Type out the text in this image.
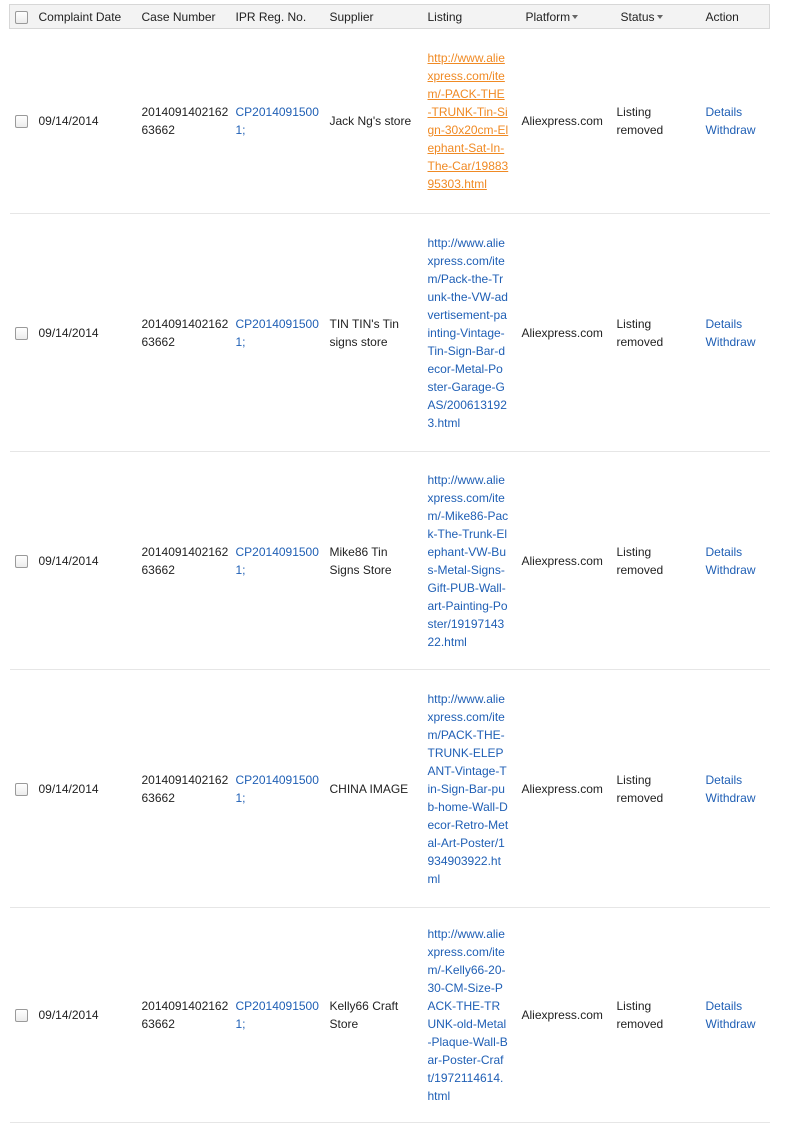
	Complaint Date	Case Number	IPR Reg. No.	Supplier	Listing	Platform	Status	Action
	09/14/2014	201409140216263662	CP20140915001;	Jack Ng's store	http://www.aliexpress.com/item/-PACK-THE-TRUNK-Tin-Sign-30x20cm-Elephant-Sat-In-The-Car/1988395303.html	Aliexpress.com	Listing removed	Details
Withdraw

	09/14/2014	201409140216263662	CP20140915001;	TIN TIN's Tin signs store	http://www.aliexpress.com/item/Pack-the-Trunk-the-VW-advertisement-painting-Vintage-Tin-Sign-Bar-decor-Metal-Poster-Garage-GAS/2006131923.html	Aliexpress.com	Listing removed	Details
Withdraw

	09/14/2014	201409140216263662	CP20140915001;	Mike86 Tin Signs Store	http://www.aliexpress.com/item/-Mike86-Pack-The-Trunk-Elephant-VW-Bus-Metal-Signs-Gift-PUB-Wall-art-Painting-Poster/1919714322.html	Aliexpress.com	Listing removed	Details
Withdraw

	09/14/2014	201409140216263662	CP20140915001;	CHINA IMAGE	http://www.aliexpress.com/item/PACK-THE-TRUNK-ELEPANT-Vintage-Tin-Sign-Bar-pub-home-Wall-Decor-Retro-Metal-Art-Poster/1934903922.html	Aliexpress.com	Listing removed	Details
Withdraw

	09/14/2014	201409140216263662	CP20140915001;	Kelly66 Craft Store	http://www.aliexpress.com/item/-Kelly66-20-30-CM-Size-PACK-THE-TRUNK-old-Metal-Plaque-Wall-Bar-Poster-Craft/1972114614.html	Aliexpress.com	Listing removed	Details
Withdraw
